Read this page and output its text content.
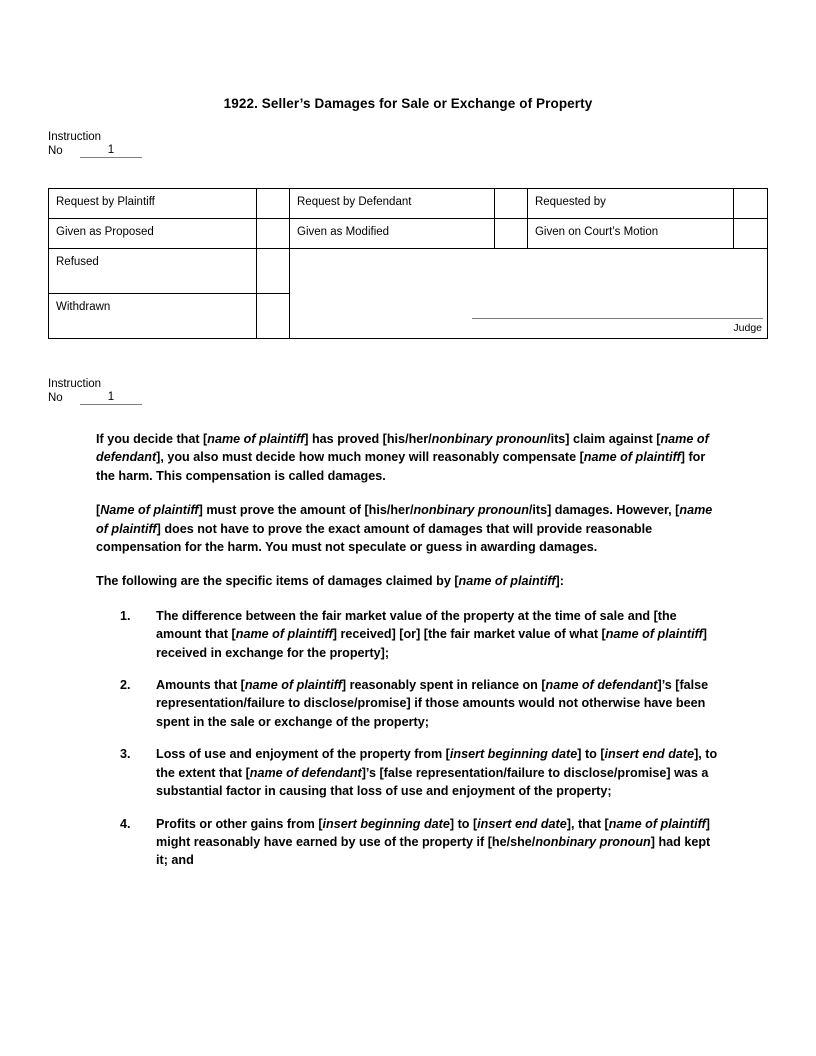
1922. Seller’s Damages for Sale or Exchange of Property
Instruction
No	1
Request by Plaintiff		Request by Defendant		Requested by	
Given as Proposed		Given as Modified		Given on Court’s Motion	
Refused		Judge			

Withdrawn					
Instruction
No	1

If you decide that [name of plaintiff] has proved [his/her/nonbinary pronoun/its] claim against [name of defendant], you also must decide how much money will reasonably compensate [name of plaintiff] for the harm. This compensation is called damages.

[Name of plaintiff] must prove the amount of [his/her/nonbinary pronoun/its] damages. However, [name of plaintiff] does not have to prove the exact amount of damages that will provide reasonable compensation for the harm. You must not speculate or guess in awarding damages.

The following are the specific items of damages claimed by [name of plaintiff]:

1.	The difference between the fair market value of the property at the time of sale and [the amount that [name of plaintiff] received] [or] [the fair market value of what [name of plaintiff] received in exchange for the property];
2.	Amounts that [name of plaintiff] reasonably spent in reliance on [name of defendant]’s [false representation/failure to disclose/promise] if those amounts would not otherwise have been spent in the sale or exchange of the property;
3.	Loss of use and enjoyment of the property from [insert beginning date] to [insert end date], to the extent that [name of defendant]’s [false representation/failure to disclose/promise] was a substantial factor in causing that loss of use and enjoyment of the property;
4.	Profits or other gains from [insert beginning date] to [insert end date], that [name of plaintiff] might reasonably have earned by use of the property if [he/she/nonbinary pronoun] had kept it; and
